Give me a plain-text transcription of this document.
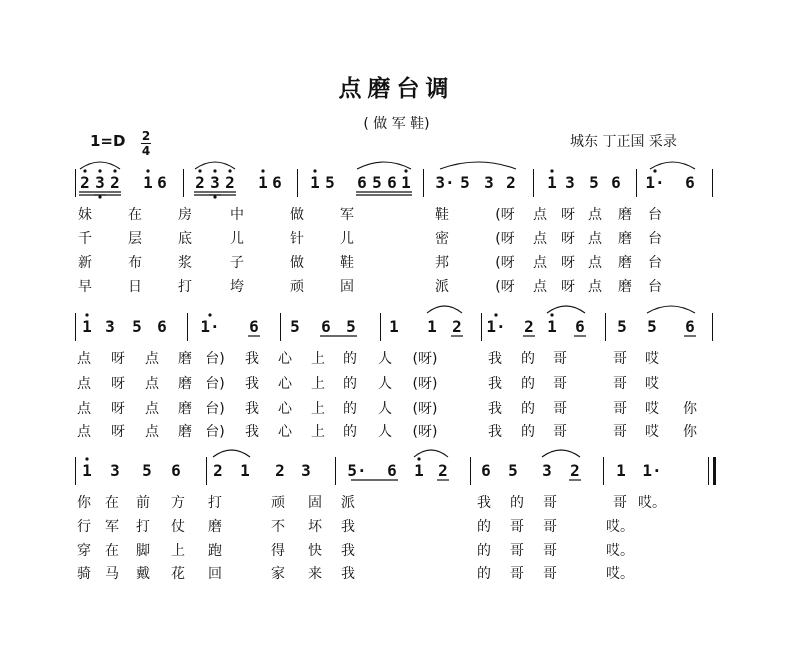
点磨台调
( 做 军 鞋)
1=D 2
4
城东 丁正国 采录
2 3 2 1 6 2 3 2 1 6 1 5 6 5 6 1 3· 5 3 2 1 3 5 6 1· 6
妹	在	房	中	做	军	鞋	(呀 点 呀 点 磨 台
千	层	底	儿	针	儿	密	(呀 点 呀 点 磨 台
新	布	浆	子	做	鞋	邦	(呀 点 呀 点 磨 台
早	日	打	垮	顽	固	派	(呀 点 呀 点 磨 台
1 3 5 6 1· 6 5 6 5 1 1 2 1· 2 1 6 5 5 6
点 呀 点 磨 台) 我 心 上 的 人 (呀)	我 的 哥	哥 哎
点 呀 点 磨 台) 我 心 上 的 人 (呀)	我 的 哥	哥 哎
点 呀 点 磨 台) 我 心 上 的 人 (呀)	我 的 哥	哥 哎 你
点 呀 点 磨 台) 我 心 上 的 人 (呀)	我 的 哥	哥 哎 你
1 3 5 6 2 1 2 3 5· 6 1 2 6 5 3 2 1 1·
你 在 前 方 打	顽 固 派	我 的 哥	哥 哎。
行 军 打 仗 磨	不 坏 我	的 哥 哥	哎。
穿 在 脚 上 跑	得 快 我	的 哥 哥	哎。
骑 马 戴 花 回	家 来 我	的 哥 哥	哎。
